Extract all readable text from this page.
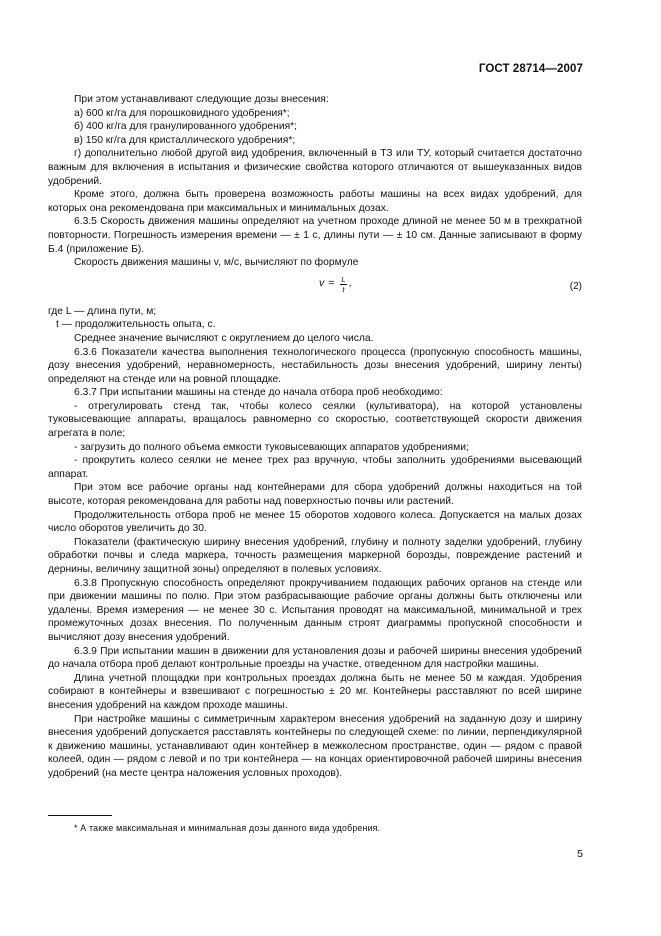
ГОСТ 28714—2007

При этом устанавливают следующие дозы внесения:

а) 600 кг/га для порошковидного удобрения*;

б) 400 кг/га для гранулированного удобрения*;

в) 150 кг/га для кристаллического удобрения*;

г) дополнительно любой другой вид удобрения, включенный в ТЗ или ТУ, который считается достаточно важным для включения в испытания и физические свойства которого отличаются от вышеуказанных видов удобрений.

Кроме этого, должна быть проверена возможность работы машины на всех видах удобрений, для которых она рекомендована при максимальных и минимальных дозах.

6.3.5 Скорость движения машины определяют на учетном проходе длиной не менее 50 м в трехкратной повторности. Погрешность измерения времени — ± 1 с, длины пути — ± 10 см. Данные записывают в форму Б.4 (приложение Б).

Скорость движения машины v, м/с, вычисляют по формуле

$v = \frac{L}{t}$ ,	(2)

где L — длина пути, м;

t — продолжительность опыта, с.

Среднее значение вычисляют с округлением до целого числа.

6.3.6 Показатели качества выполнения технологического процесса (пропускную способность машины, дозу внесения удобрений, неравномерность, нестабильность дозы внесения удобрений, ширину ленты) определяют на стенде или на ровной площадке.

6.3.7 При испытании машины на стенде до начала отбора проб необходимо:

- отрегулировать стенд так, чтобы колесо сеялки (культиватора), на которой установлены туковысевающие аппараты, вращалось равномерно со скоростью, соответствующей скорости движения агрегата в поле;

- загрузить до полного объема емкости туковысевающих аппаратов удобрениями;

- прокрутить колесо сеялки не менее трех раз вручную, чтобы заполнить удобрениями высевающий аппарат.

При этом все рабочие органы над контейнерами для сбора удобрений должны находиться на той высоте, которая рекомендована для работы над поверхностью почвы или растений.

Продолжительность отбора проб не менее 15 оборотов ходового колеса. Допускается на малых дозах число оборотов увеличить до 30.

Показатели (фактическую ширину внесения удобрений, глубину и полноту заделки удобрений, глубину обработки почвы и следа маркера, точность размещения маркерной борозды, повреждение растений и дернины, величину защитной зоны) определяют в полевых условиях.

6.3.8 Пропускную способность определяют прокручиванием подающих рабочих органов на стенде или при движении машины по полю. При этом разбрасывающие рабочие органы должны быть отключены или удалены. Время измерения — не менее 30 с. Испытания проводят на максимальной, минимальной и трех промежуточных дозах внесения. По полученным данным строят диаграммы пропускной способности и вычисляют дозу внесения удобрений.

6.3.9 При испытании машин в движении для установления дозы и рабочей ширины внесения удобрений до начала отбора проб делают контрольные проезды на участке, отведенном для настройки машины.

Длина учетной площадки при контрольных проездах должна быть не менее 50 м каждая. Удобрения собирают в контейнеры и взвешивают с погрешностью ± 20 мг. Контейнеры расставляют по всей ширине внесения удобрений на каждом проходе машины.

При настройке машины с симметричным характером внесения удобрений на заданную дозу и ширину внесения удобрений допускается расставлять контейнеры по следующей схеме: по линии, перпендикулярной к движению машины, устанавливают один контейнер в межколесном пространстве, один — рядом с правой колеей, один — рядом с левой и по три контейнера — на концах ориентировочной рабочей ширины внесения удобрений (на месте центра наложения условных проходов).

* А также максимальная и минимальная дозы данного вида удобрения.
5
